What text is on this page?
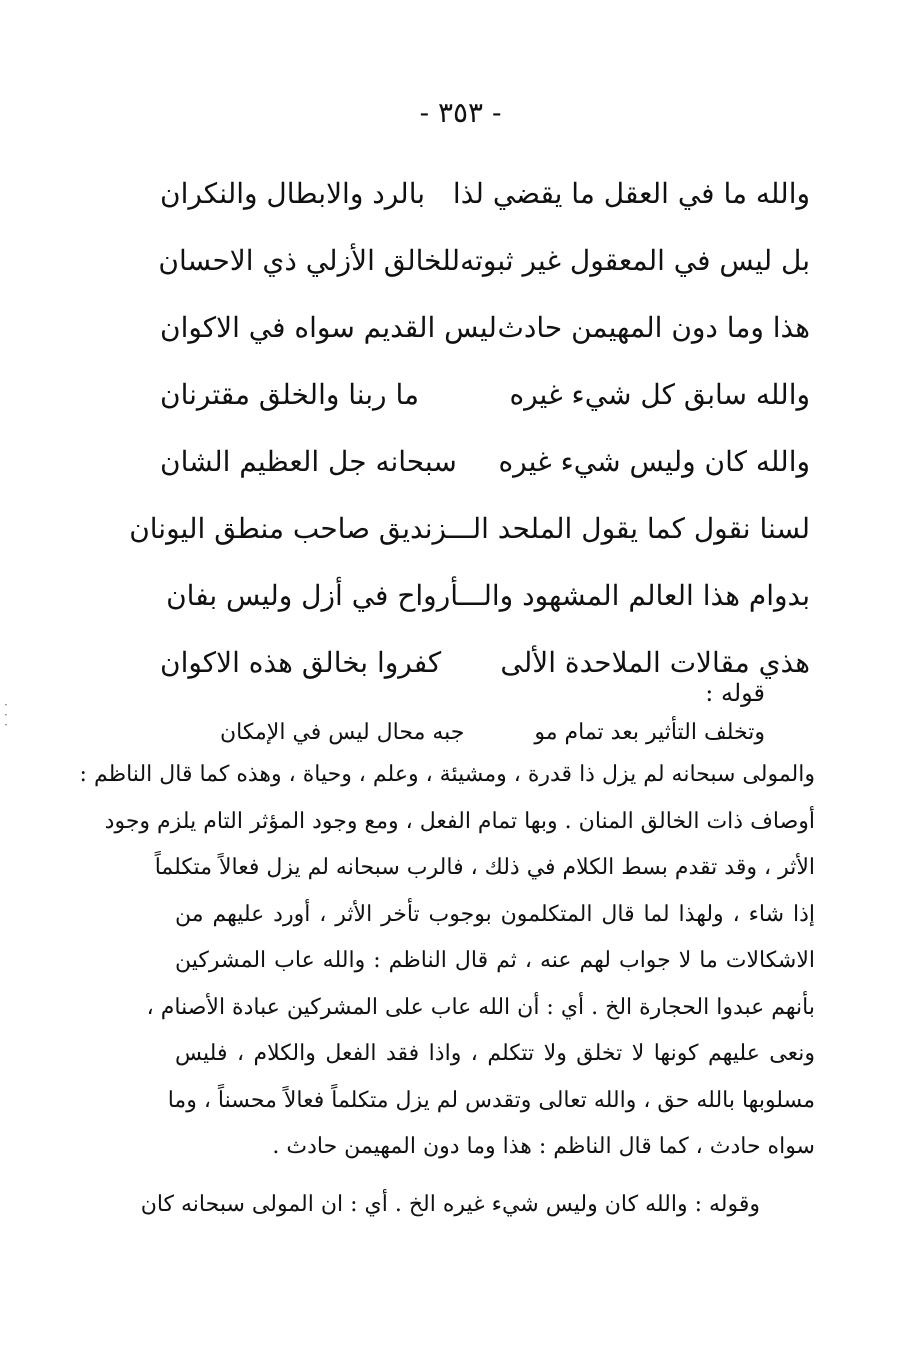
- ٣٥٣ -
والله ما في العقل ما يقضي لذا
بالرد والابطال والنكران
بل ليس في المعقول غير ثبوته
للخالق الأزلي ذي الاحسان
هذا وما دون المهيمن حادث
ليس القديم سواه في الاكوان
والله سابق كل شيء غيره
ما ربنا والخلق مقترنان
والله كان وليس شيء غيره
سبحانه جل العظيم الشان
لسنا نقول كما يقول الملحد الـــزنديق صاحب منطق اليونان
بدوام هذا العالم المشهود والـــأرواح في أزل وليس بفان
هذي مقالات الملاحدة الألى
كفروا بخالق هذه الاكوان
قوله :
وتخلف التأثير بعد تمام مو
جبه محال ليس في الإمكان
والمولى سبحانه لم يزل ذا قدرة ، ومشيئة ، وعلم ، وحياة ، وهذه كما قال الناظم :
أوصاف ذات الخالق المنان . وبها تمام الفعل ، ومع وجود المؤثر التام يلزم وجود
الأثر ، وقد تقدم بسط الكلام في ذلك ، فالرب سبحانه لم يزل فعالاً متكلماً
إذا شاء ، ولهذا لما قال المتكلمون بوجوب تأخر الأثر ، أورد عليهم من
الاشكالات ما لا جواب لهم عنه ، ثم قال الناظم : والله عاب المشركين
بأنهم عبدوا الحجارة الخ . أي : أن الله عاب على المشركين عبادة الأصنام ،
ونعى عليهم كونها لا تخلق ولا تتكلم ، واذا فقد الفعل والكلام ، فليس
مسلوبها بالله حق ، والله تعالى وتقدس لم يزل متكلماً فعالاً محسناً ، وما
سواه حادث ، كما قال الناظم : هذا وما دون المهيمن حادث .
وقوله : والله كان وليس شيء غيره الخ . أي : ان المولى سبحانه كان
·
·
·
